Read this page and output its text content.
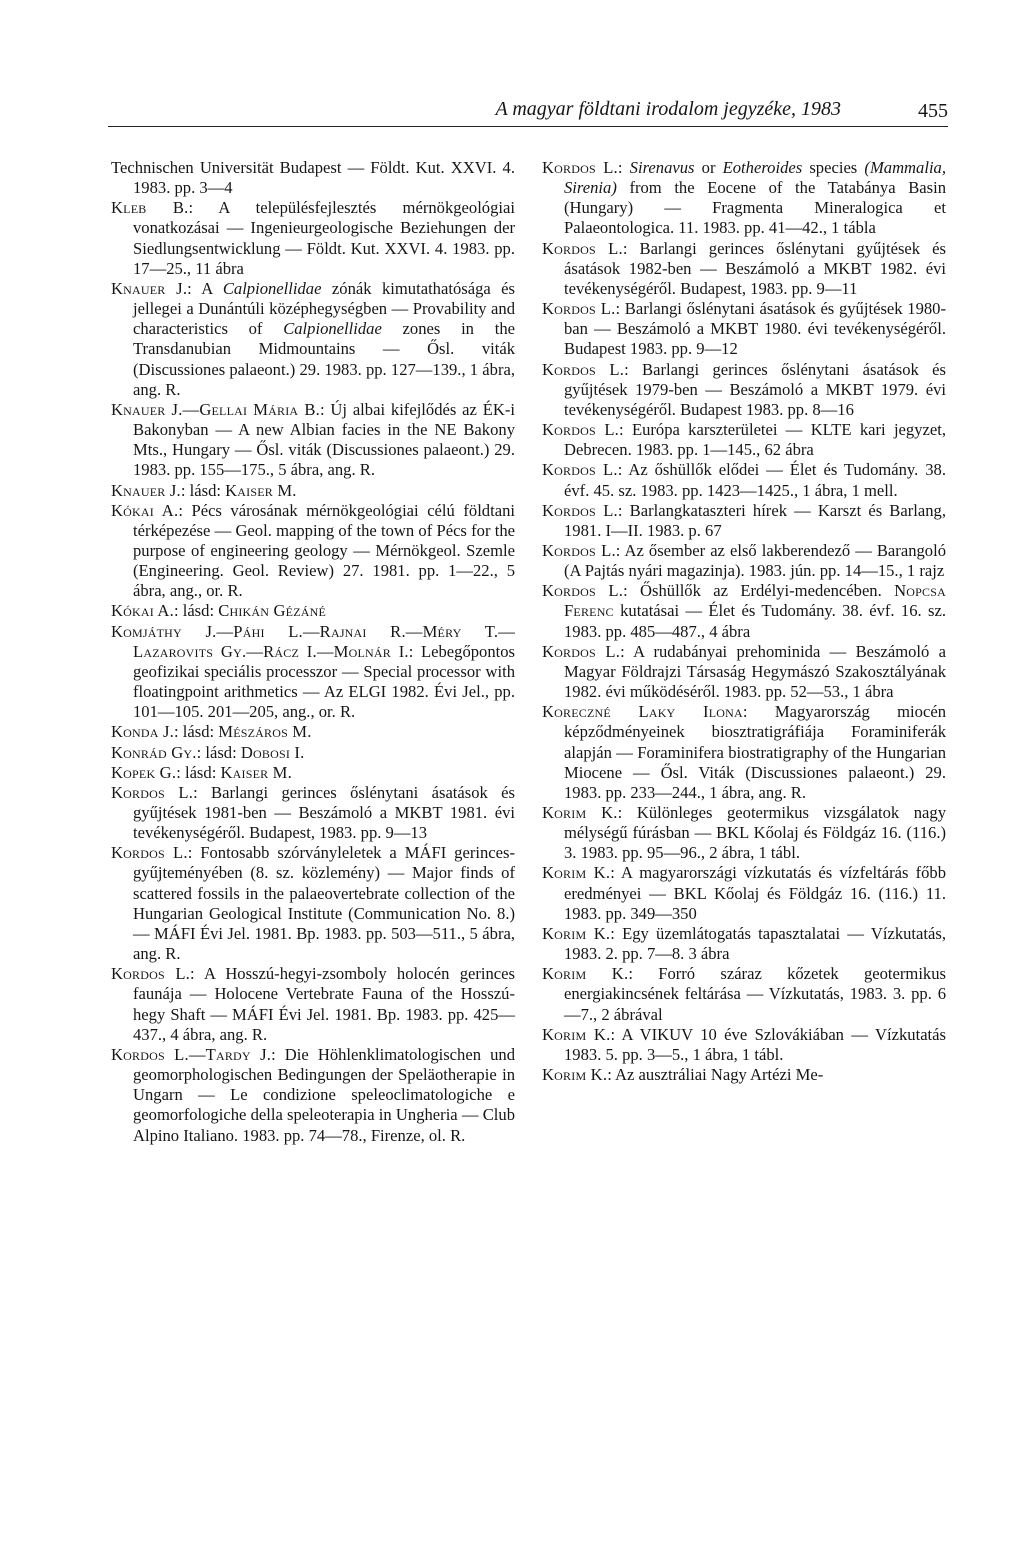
A magyar földtani irodalom jegyzéke, 1983	455

Technischen Universität Budapest — Földt. Kut. XXVI. 4. 1983. pp. 3—4

Kleb B.: A településfejlesztés mérnökgeológiai vonatkozásai — Ingenieurgeologische Beziehungen der Siedlungsentwicklung — Földt. Kut. XXVI. 4. 1983. pp. 17—25., 11 ábra

Knauer J.: A Calpionellidae zónák kimutathatósága és jellegei a Dunántúli középhegységben — Provability and characteristics of Calpionellidae zones in the Transdanubian Midmountains — Ősl. viták (Discussiones palaeont.) 29. 1983. pp. 127—139., 1 ábra, ang. R.

Knauer J.—Gellai Mária B.: Új albai kifejlődés az ÉK-i Bakonyban — A new Albian facies in the NE Bakony Mts., Hungary — Ősl. viták (Discussiones palaeont.) 29. 1983. pp. 155—175., 5 ábra, ang. R.

Knauer J.: lásd: Kaiser M.

Kókai A.: Pécs városának mérnökgeológiai célú földtani térképezése — Geol. mapping of the town of Pécs for the purpose of engineering geology — Mérnökgeol. Szemle (Engineering. Geol. Review) 27. 1981. pp. 1—22., 5 ábra, ang., or. R.

Kókai A.: lásd: Chikán Gézáné

Komjáthy J.—Páhi L.—Rajnai R.—Méry T.—Lazarovits Gy.—Rácz I.—Molnár I.: Lebegőpontos geofizikai speciális processzor — Special processor with floatingpoint arithmetics — Az ELGI 1982. Évi Jel., pp. 101—105. 201—205, ang., or. R.

Konda J.: lásd: Mészáros M.

Konrád Gy.: lásd: Dobosi I.

Kopek G.: lásd: Kaiser M.

Kordos L.: Barlangi gerinces őslénytani ásatások és gyűjtések 1981-ben — Beszámoló a MKBT 1981. évi tevékenységéről. Budapest, 1983. pp. 9—13

Kordos L.: Fontosabb szórványleletek a MÁFI gerinces-gyűjteményében (8. sz. közlemény) — Major finds of scattered fossils in the palaeovertebrate collection of the Hungarian Geological Institute (Communication No. 8.) — MÁFI Évi Jel. 1981. Bp. 1983. pp. 503—511., 5 ábra, ang. R.

Kordos L.: A Hosszú-hegyi-zsomboly holocén gerinces faunája — Holocene Vertebrate Fauna of the Hosszú-hegy Shaft — MÁFI Évi Jel. 1981. Bp. 1983. pp. 425—437., 4 ábra, ang. R.

Kordos L.—Tardy J.: Die Höhlenklimatologischen und geomorphologischen Bedingungen der Speläotherapie in Ungarn — Le condizione speleoclimatologiche e geomorfologiche della speleoterapia in Ungheria — Club Alpino Italiano. 1983. pp. 74—78., Firenze, ol. R.

Kordos L.: Sirenavus or Eotheroides species (Mammalia, Sirenia) from the Eocene of the Tatabánya Basin (Hungary) — Fragmenta Mineralogica et Palaeontologica. 11. 1983. pp. 41—42., 1 tábla

Kordos L.: Barlangi gerinces őslénytani gyűjtések és ásatások 1982-ben — Beszámoló a MKBT 1982. évi tevékenységéről. Budapest, 1983. pp. 9—11

Kordos L.: Barlangi őslénytani ásatások és gyűjtések 1980-ban — Beszámoló a MKBT 1980. évi tevékenységéről. Budapest 1983. pp. 9—12

Kordos L.: Barlangi gerinces őslénytani ásatások és gyűjtések 1979-ben — Beszámoló a MKBT 1979. évi tevékenységéről. Budapest 1983. pp. 8—16

Kordos L.: Európa karszterületei — KLTE kari jegyzet, Debrecen. 1983. pp. 1—145., 62 ábra

Kordos L.: Az őshüllők elődei — Élet és Tudomány. 38. évf. 45. sz. 1983. pp. 1423—1425., 1 ábra, 1 mell.

Kordos L.: Barlangkataszteri hírek — Karszt és Barlang, 1981. I—II. 1983. p. 67

Kordos L.: Az ősember az első lakberendező — Barangoló (A Pajtás nyári magazinja). 1983. jún. pp. 14—15., 1 rajz

Kordos L.: Őshüllők az Erdélyi-medencében. Nopcsa Ferenc kutatásai — Élet és Tudomány. 38. évf. 16. sz. 1983. pp. 485—487., 4 ábra

Kordos L.: A rudabányai prehominida — Beszámoló a Magyar Földrajzi Társaság Hegymászó Szakosztályának 1982. évi működéséről. 1983. pp. 52—53., 1 ábra

Koreczné Laky Ilona: Magyarország miocén képződményeinek biosztratigráfiája Foraminiferák alapján — Foraminifera biostratigraphy of the Hungarian Miocene — Ősl. Viták (Discussiones palaeont.) 29. 1983. pp. 233—244., 1 ábra, ang. R.

Korim K.: Különleges geotermikus vizsgálatok nagy mélységű fúrásban — BKL Kőolaj és Földgáz 16. (116.) 3. 1983. pp. 95—96., 2 ábra, 1 tábl.

Korim K.: A magyarországi vízkutatás és vízfeltárás főbb eredményei — BKL Kőolaj és Földgáz 16. (116.) 11. 1983. pp. 349—350

Korim K.: Egy üzemlátogatás tapasztalatai — Vízkutatás, 1983. 2. pp. 7—8. 3 ábra

Korim K.: Forró száraz kőzetek geotermikus energiakincsének feltárása — Vízkutatás, 1983. 3. pp. 6—7., 2 ábrával

Korim K.: A VIKUV 10 éve Szlovákiában — Vízkutatás 1983. 5. pp. 3—5., 1 ábra, 1 tábl.

Korim K.: Az ausztráliai Nagy Artézi Me-
